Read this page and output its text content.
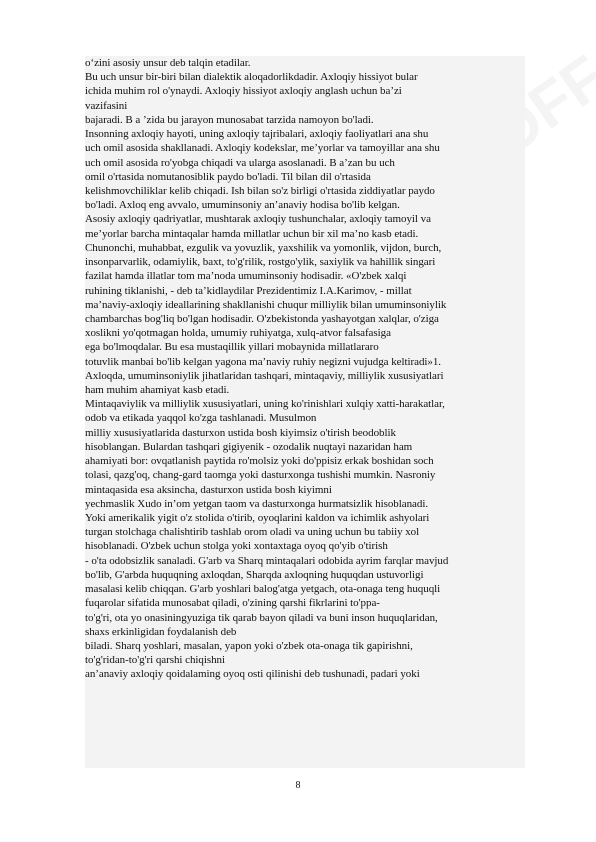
o‘zini asosiy unsur deb talqin etadilar.
Bu uch unsur bir-biri bilan dialektik aloqadorlikdadir. Axloqiy hissiyot bular
ichida muhim rol o'ynaydi. Axloqiy hissiyot axloqiy anglash uchun ba’zi
vazifasini
bajaradi. B a ’zida bu jarayon munosabat tarzida namoyon bo'ladi.
Insonning axloqiy hayoti, uning axloqiy tajribalari, axloqiy faoliyatlari ana shu
uch omil asosida shakllanadi. Axloqiy kodekslar, me’yorlar va tamoyillar ana shu
uch omil asosida ro'yobga chiqadi va ularga asoslanadi. B a’zan bu uch
omil o'rtasida nomutanosiblik paydo bo'ladi. Til bilan dil o'rtasida
kelishmovchiliklar kelib chiqadi. Ish bilan so'z birligi o'rtasida ziddiyatlar paydo
bo'ladi. Axloq eng avvalo, umuminsoniy an’anaviy hodisa bo'lib kelgan.
Asosiy axloqiy qadriyatlar, mushtarak axloqiy tushunchalar, axloqiy tamoyil va
me’yorlar barcha mintaqalar hamda millatlar uchun bir xil ma’no kasb etadi.
Chunonchi, muhabbat, ezgulik va yovuzlik, yaxshilik va yomonlik, vijdon, burch,
insonparvarlik, odamiylik, baxt, to'g'rilik, rostgo'ylik, saxiylik va hahillik singari
fazilat hamda illatlar tom ma’noda umuminsoniy hodisadir. «O'zbek xalqi
ruhining tiklanishi, - deb ta’kidlaydilar Prezidentimiz I.A.Karimov, - millat
ma’naviy-axloqiy ideallarining shakllanishi chuqur milliylik bilan umuminsoniylik
chambarchas bog'liq bo'lgan hodisadir. O'zbekistonda yashayotgan xalqlar, o'ziga
xoslikni yo'qotmagan holda, umumiy ruhiyatga, xulq-atvor falsafasiga
ega bo'lmoqdalar. Bu esa mustaqillik yillari mobaynida millatlararo
totuvlik manbai bo'lib kelgan yagona ma’naviy ruhiy negizni vujudga keltiradi»1.
Axloqda, umuminsoniylik jihatlaridan tashqari, mintaqaviy, milliylik xususiyatlari
ham muhim ahamiyat kasb etadi.
Mintaqaviylik va milliylik xususiyatlari, uning ko'rinishlari xulqiy xatti-harakatlar,
odob va etikada yaqqol ko'zga tashlanadi. Musulmon
milliy xususiyatlarida dasturxon ustida bosh kiyimsiz o'tirish beodoblik
hisoblangan. Bulardan tashqari gigiyenik - ozodalik nuqtayi nazaridan ham
ahamiyati bor: ovqatlanish paytida ro'molsiz yoki do'ppisiz erkak boshidan soch
tolasi, qazg'oq, chang-gard taomga yoki dasturxonga tushishi mumkin. Nasroniy
mintaqasida esa aksincha, dasturxon ustida bosh kiyimni
yechmaslik Xudo in’om yetgan taom va dasturxonga hurmatsizlik hisoblanadi.
Yoki amerikalik yigit o'z stolida o'tirib, oyoqlarini kaldon va ichimlik ashyolari
turgan stolchaga chalishtirib tashlab orom oladi va uning uchun bu tabiiy xol
hisoblanadi. O'zbek uchun stolga yoki xontaxtaga oyoq qo'yib o'tirish
- o'ta odobsizlik sanaladi. G'arb va Sharq mintaqalari odobida ayrim farqlar mavjud
bo'lib, G'arbda huquqning axloqdan, Sharqda axloqning huquqdan ustuvorligi
masalasi kelib chiqqan. G'arb yoshlari balog'atga yetgach, ota-onaga teng huquqli
fuqarolar sifatida munosabat qiladi, o'zining qarshi fikrlarini to'ppa-
to'g'ri, ota yo onasiningyuziga tik qarab bayon qiladi va buni inson huquqlaridan,
shaxs erkinligidan foydalanish deb
biladi. Sharq yoshlari, masalan, yapon yoki o'zbek ota-onaga tik gapirishni,
to'g'ridan-to'g'ri qarshi chiqishni
an’anaviy axloqiy qoidalaming oyoq osti qilinishi deb tushunadi, padari yoki
8
